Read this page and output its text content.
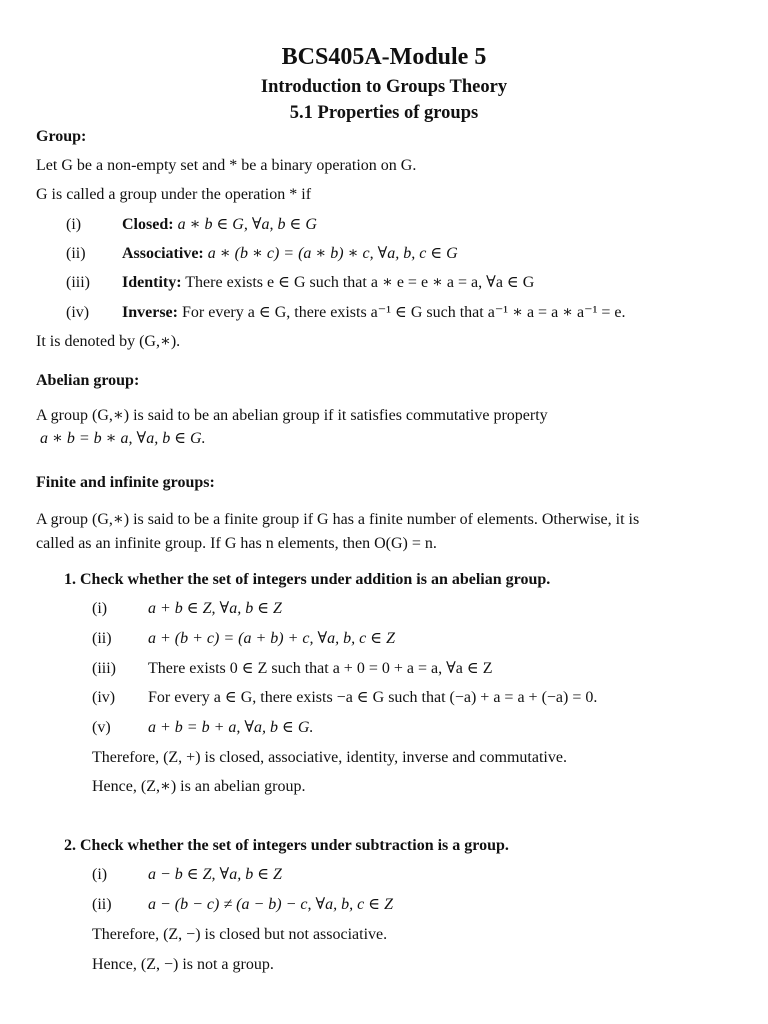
BCS405A-Module 5
Introduction to Groups Theory
5.1 Properties of groups
Group:
Let G be a non-empty set and * be a binary operation on G.
G is called a group under the operation * if
(i)	Closed: a ∗ b ∈ G, ∀a, b ∈ G
(ii) Associative: a ∗ (b ∗ c) = (a ∗ b) ∗ c, ∀a, b, c ∈ G
(iii) Identity: There exists e ∈ G such that a ∗ e = e ∗ a = a, ∀a ∈ G
(iv) Inverse: For every a ∈ G, there exists a⁻¹ ∈ G such that a⁻¹ ∗ a = a ∗ a⁻¹ = e.
It is denoted by (G,∗).
Abelian group:
A group (G,∗) is said to be an abelian group if it satisfies commutative property
a ∗ b = b ∗ a, ∀a, b ∈ G.
Finite and infinite groups:
A group (G,∗) is said to be a finite group if G has a finite number of elements. Otherwise, it is
called as an infinite group. If G has n elements, then O(G) = n.
1. Check whether the set of integers under addition is an abelian group.
(i)	a + b ∈ Z, ∀a, b ∈ Z
(ii) a + (b + c) = (a + b) + c, ∀a, b, c ∈ Z
(iii) There exists 0 ∈ Z such that a + 0 = 0 + a = a, ∀a ∈ Z
(iv) For every a ∈ G, there exists −a ∈ G such that (−a) + a = a + (−a) = 0.
(v) a + b = b + a, ∀a, b ∈ G.
Therefore, (Z, +) is closed, associative, identity, inverse and commutative.
Hence, (Z,∗) is an abelian group.
2. Check whether the set of integers under subtraction is a group.
(i)	a − b ∈ Z, ∀a, b ∈ Z
(ii) a − (b − c) ≠ (a − b) − c, ∀a, b, c ∈ Z
Therefore, (Z, −) is closed but not associative.
Hence, (Z, −) is not a group.
